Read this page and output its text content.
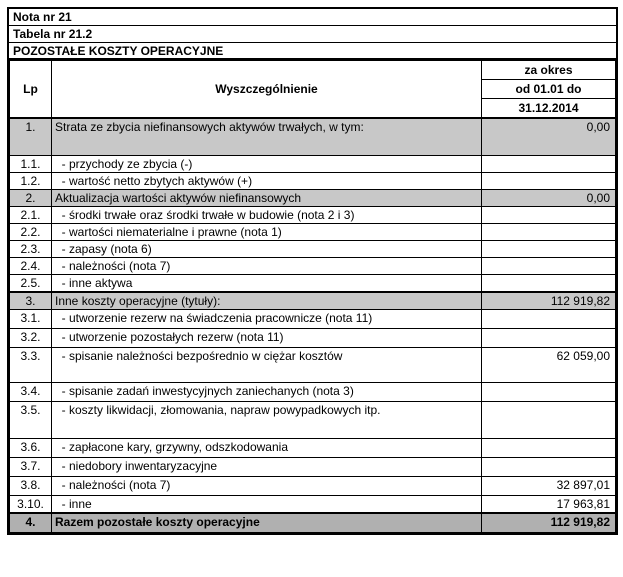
Nota nr 21
Tabela nr 21.2
POZOSTAŁE KOSZTY OPERACYJNE
Lp	Wyszczególnienie	za okres
od 01.01 do
31.12.2014

1.	Strata ze zbycia niefinansowych aktywów trwałych, w tym:	0,00
1.1.	- przychody ze zbycia (-)	
1.2.	- wartość netto zbytych aktywów (+)	
2.	Aktualizacja wartości aktywów niefinansowych	0,00
2.1.	- środki trwałe oraz środki trwałe w budowie (nota 2 i 3)	
2.2.	- wartości niematerialne i prawne (nota 1)	
2.3.	- zapasy (nota 6)	
2.4.	- należności (nota 7)	
2.5.	- inne aktywa	
3.	Inne koszty operacyjne (tytuły):	112 919,82
3.1.	- utworzenie rezerw na świadczenia pracownicze (nota 11)	
3.2.	- utworzenie pozostałych rezerw (nota 11)	
3.3.	- spisanie należności bezpośrednio w ciężar kosztów	62 059,00
3.4.	- spisanie zadań inwestycyjnych zaniechanych (nota 3)	
3.5.	- koszty likwidacji, złomowania, napraw powypadkowych itp.	
3.6.	- zapłacone kary, grzywny, odszkodowania	
3.7.	- niedobory inwentaryzacyjne	
3.8.	- należności (nota 7)	32 897,01
3.10.	- inne	17 963,81
4.	Razem pozostałe koszty operacyjne	112 919,82
